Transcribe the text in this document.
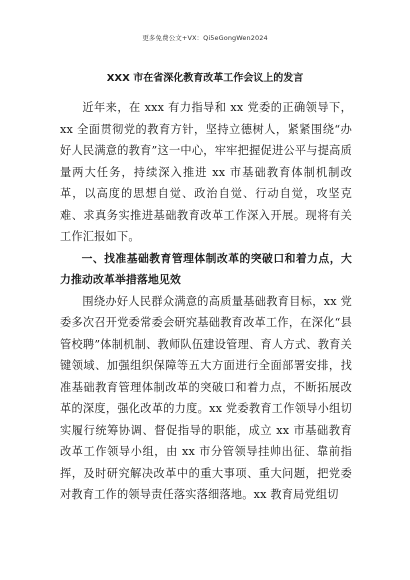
更多免费公文+VX：Qi5eGongWen2024
XXX 市在省深化教育改革工作会议上的发言

近年来，在 xxx 有力指导和 xx 党委的正确领导下，xx 全面贯彻党的教育方针，坚持立德树人，紧紧围绕“办好人民满意的教育”这一中心，牢牢把握促进公平与提高质量两大任务，持续深入推进 xx 市基础教育体制机制改革，以高度的思想自觉、政治自觉、行动自觉，攻坚克难、求真务实推进基础教育改革工作深入开展。现将有关工作汇报如下。

一、找准基础教育管理体制改革的突破口和着力点，大力推动改革举措落地见效

围绕办好人民群众满意的高质量基础教育目标，xx 党委多次召开党委常委会研究基础教育改革工作，在深化“县管校聘”体制机制、教师队伍建设管理、育人方式、教育关键领域、加强组织保障等五大方面进行全面部署安排，找准基础教育管理体制改革的突破口和着力点，不断拓展改革的深度，强化改革的力度。xx 党委教育工作领导小组切实履行统筹协调、督促指导的职能，成立 xx 市基础教育改革工作领导小组，由 xx 市分管领导挂帅出征、靠前指挥，及时研究解决改革中的重大事项、重大问题，把党委对教育工作的领导责任落实落细落地。xx 教育局党组切
